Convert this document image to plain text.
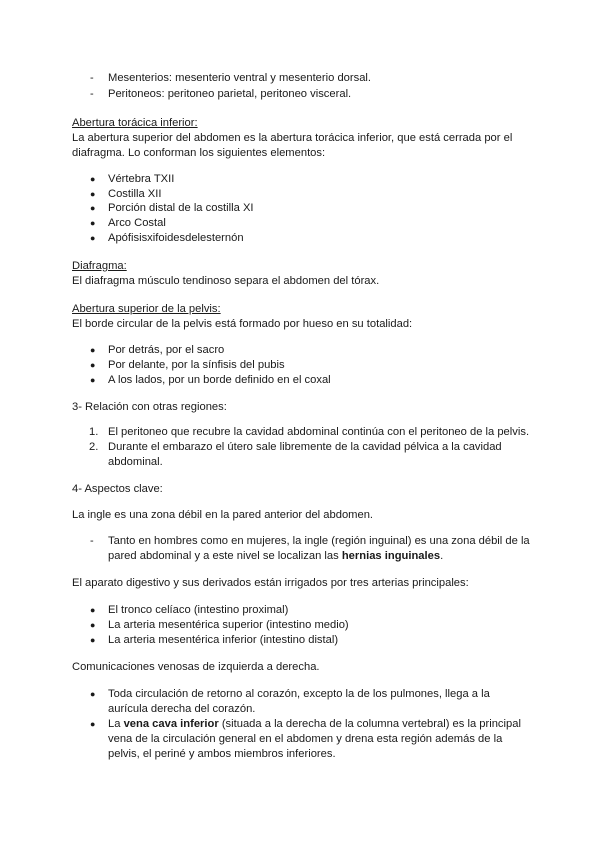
- Mesenterios: mesenterio ventral y mesenterio dorsal.
- Peritoneos: peritoneo parietal, peritoneo visceral.
Abertura torácica inferior:
La abertura superior del abdomen es la abertura torácica inferior, que está cerrada por el
diafragma. Lo conforman los siguientes elementos:
● Vértebra TXII
● Costilla XII
● Porción distal de la costilla XI
● Arco Costal
● Apófisisxifoidesdelesternón
Diafragma:
El diafragma músculo tendinoso separa el abdomen del tórax.
Abertura superior de la pelvis:
El borde circular de la pelvis está formado por hueso en su totalidad:
● Por detrás, por el sacro
● Por delante, por la sínfisis del pubis
● A los lados, por un borde definido en el coxal
3- Relación con otras regiones:
1. El peritoneo que recubre la cavidad abdominal continúa con el peritoneo de la pelvis.
2. Durante el embarazo el útero sale libremente de la cavidad pélvica a la cavidad
abdominal.
4- Aspectos clave:
La ingle es una zona débil en la pared anterior del abdomen.
- Tanto en hombres como en mujeres, la ingle (región inguinal) es una zona débil de la
pared abdominal y a este nivel se localizan las hernias inguinales.
El aparato digestivo y sus derivados están irrigados por tres arterias principales:
● El tronco celíaco (intestino proximal)
● La arteria mesentérica superior (intestino medio)
● La arteria mesentérica inferior (intestino distal)
Comunicaciones venosas de izquierda a derecha.
● Toda circulación de retorno al corazón, excepto la de los pulmones, llega a la
aurícula derecha del corazón.
● La vena cava inferior (situada a la derecha de la columna vertebral) es la principal
vena de la circulación general en el abdomen y drena esta región además de la
pelvis, el periné y ambos miembros inferiores.
